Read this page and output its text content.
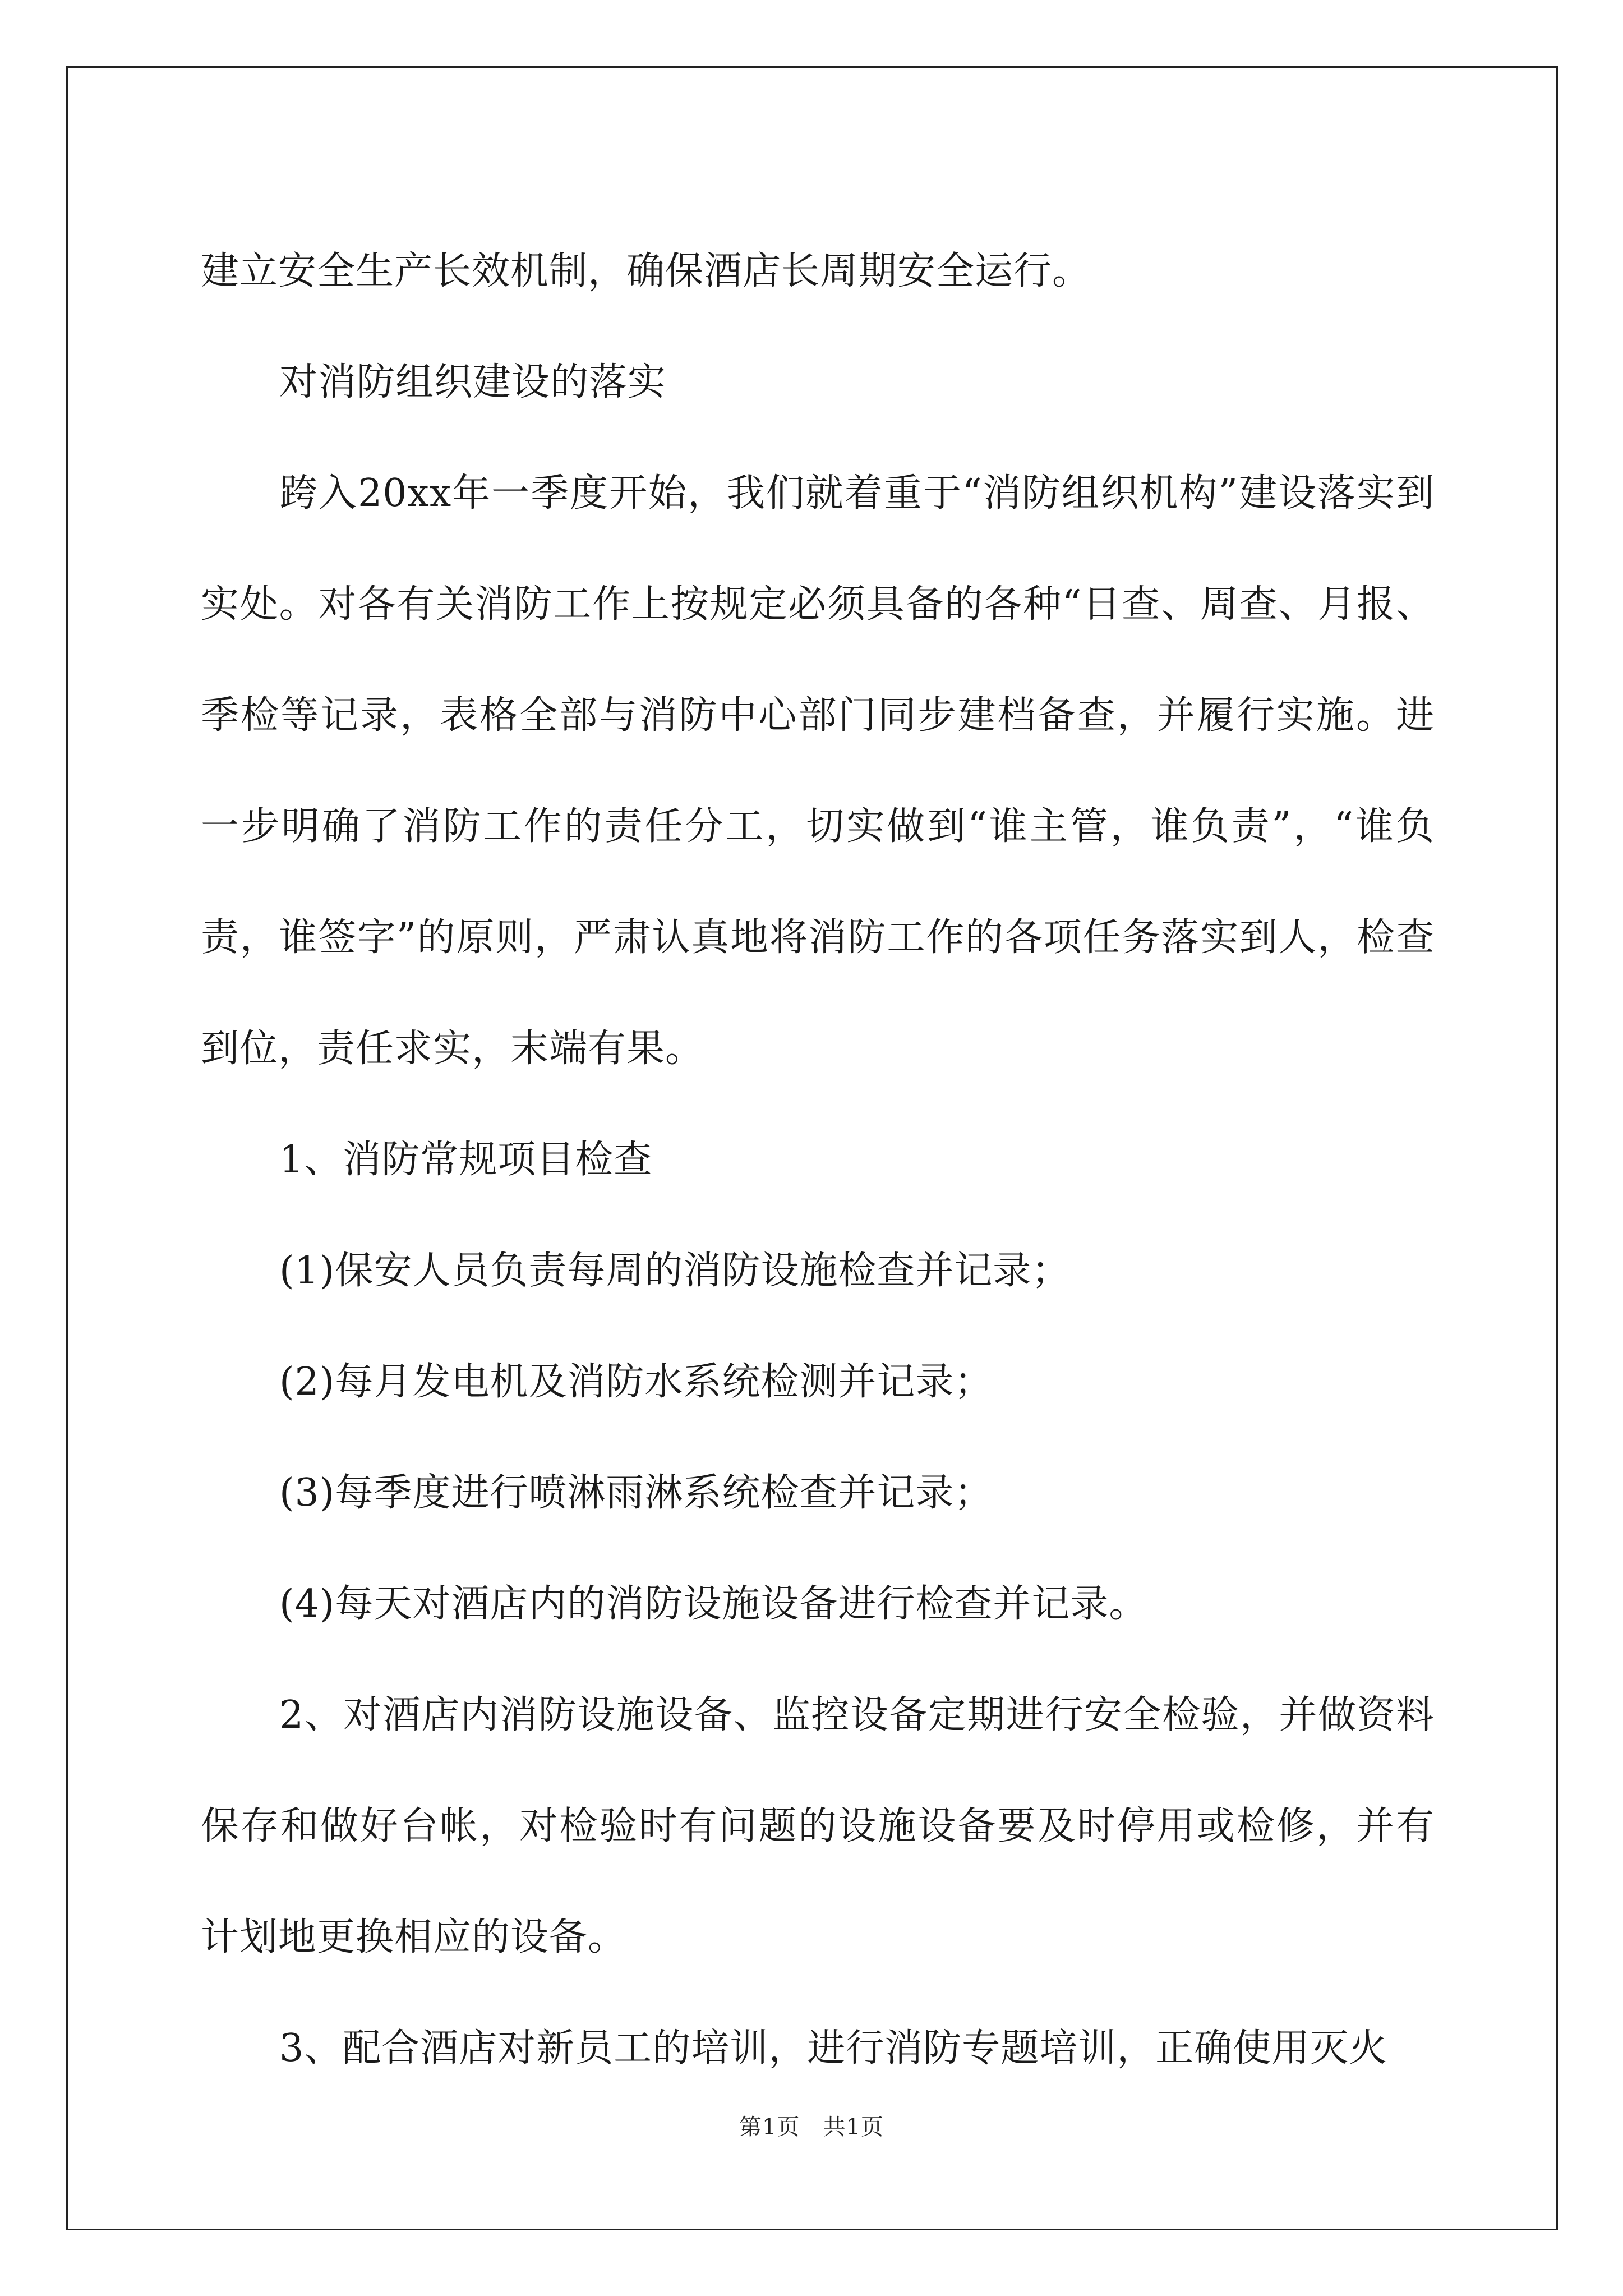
建立安全生产长效机制，确保酒店长周期安全运行。

对消防组织建设的落实

跨入20xx年一季度开始，我们就着重于“消防组织机构”建设落实到实处。对各有关消防工作上按规定必须具备的各种“日查、周查、月报、季检等记录，表格全部与消防中心部门同步建档备查，并履行实施。进一步明确了消防工作的责任分工，切实做到“谁主管，谁负责”，“谁负责，谁签字”的原则，严肃认真地将消防工作的各项任务落实到人，检查到位，责任求实，末端有果。

1、消防常规项目检查

(1)保安人员负责每周的消防设施检查并记录；

(2)每月发电机及消防水系统检测并记录；

(3)每季度进行喷淋雨淋系统检查并记录；

(4)每天对酒店内的消防设施设备进行检查并记录。

2、对酒店内消防设施设备、监控设备定期进行安全检验，并做资料保存和做好台帐，对检验时有问题的设施设备要及时停用或检修，并有计划地更换相应的设备。

3、配合酒店对新员工的培训，进行消防专题培训，正确使用灭火

第1页　共1页
